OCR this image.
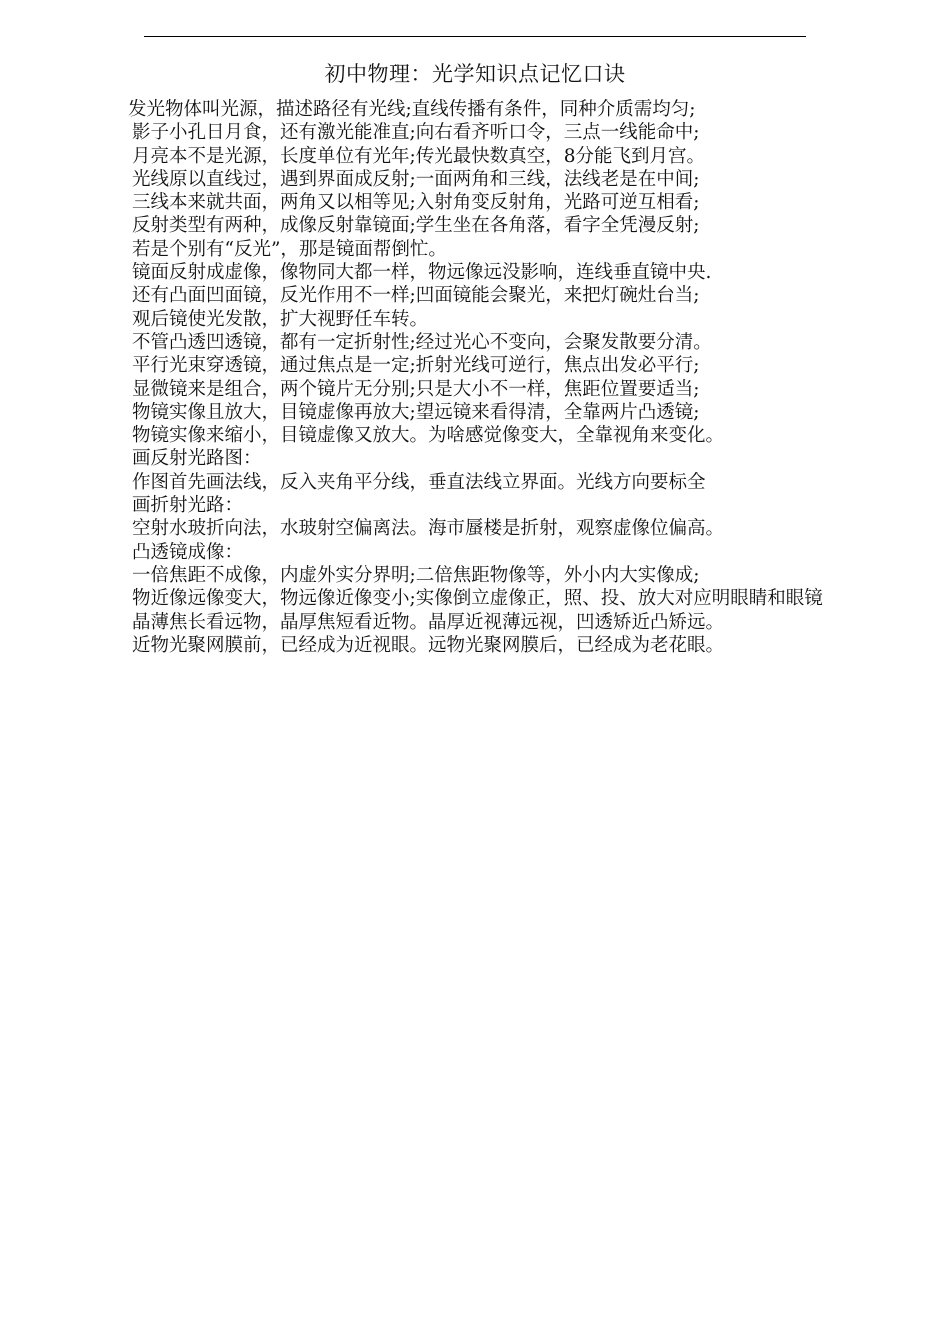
初中物理：光学知识点记忆口诀

发光物体叫光源，描述路径有光线;直线传播有条件，同种介质需均匀;

影子小孔日月食，还有激光能准直;向右看齐听口令，三点一线能命中;

月亮本不是光源，长度单位有光年;传光最快数真空，8分能飞到月宫。

光线原以直线过，遇到界面成反射;一面两角和三线，法线老是在中间;

三线本来就共面，两角又以相等见;入射角变反射角，光路可逆互相看;

反射类型有两种，成像反射靠镜面;学生坐在各角落，看字全凭漫反射;

若是个别有“反光”，那是镜面帮倒忙。

镜面反射成虚像，像物同大都一样，物远像远没影响，连线垂直镜中央.

还有凸面凹面镜，反光作用不一样;凹面镜能会聚光，来把灯碗灶台当;

观后镜使光发散，扩大视野任车转。

不管凸透凹透镜，都有一定折射性;经过光心不变向，会聚发散要分清。

平行光束穿透镜，通过焦点是一定;折射光线可逆行，焦点出发必平行;

显微镜来是组合，两个镜片无分别;只是大小不一样，焦距位置要适当;

物镜实像且放大，目镜虚像再放大;望远镜来看得清，全靠两片凸透镜;

物镜实像来缩小，目镜虚像又放大。为啥感觉像变大，全靠视角来变化。

画反射光路图：

作图首先画法线，反入夹角平分线，垂直法线立界面。光线方向要标全

画折射光路：

空射水玻折向法，水玻射空偏离法。海市蜃楼是折射，观察虚像位偏高。

凸透镜成像：

一倍焦距不成像，内虚外实分界明;二倍焦距物像等，外小内大实像成;

物近像远像变大，物远像近像变小;实像倒立虚像正，照、投、放大对应明眼睛和眼镜

晶薄焦长看远物，晶厚焦短看近物。晶厚近视薄远视，凹透矫近凸矫远。

近物光聚网膜前，已经成为近视眼。远物光聚网膜后，已经成为老花眼。
